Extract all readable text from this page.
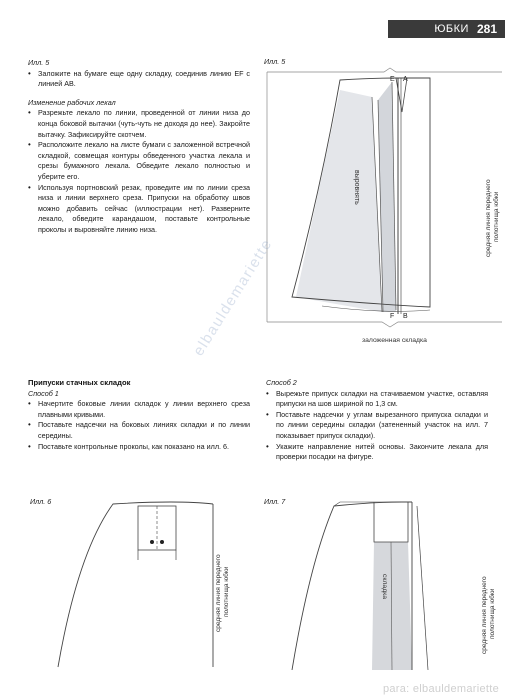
ЮБКИ 281
Илл. 5
• Заложите на бумаге еще одну складку, соединив линию EF с линией AB.
Изменение рабочих лекал
• Разрежьте лекало по линии, проведенной от линии низа до конца боковой вытачки (чуть-чуть не доходя до нее). Закройте вытачку. Зафиксируйте скотчем.
• Расположите лекало на листе бумаги с заложенной встречной складкой, совмещая контуры обведенного участка лекала и срезы бумажного лекала. Обведите лекало полностью и уберите его.
• Используя портновский резак, проведите им по линии среза низа и линии верхнего среза. Припуски на обработку швов можно добавить сейчас (иллюстрации нет). Разверните лекало, обведите карандашом, поставьте контрольные проколы и выровняйте линию низа.
Илл. 5
E A
F B
выровнять	средняя линия переднего полотнища юбки
заложенная складка
elbauldemariette
Припуски стачных складок
Способ 1
• Начертите боковые линии складок у линии верхнего среза плавными кривыми.
• Поставьте надсечки на боковых линиях складки и по линии середины.
• Поставьте контрольные проколы, как показано на илл. 6.
Способ 2
• Вырежьте припуск складки на стачиваемом участке, оставляя припуски на шов шириной по 1,3 см.
• Поставьте надсечки у углам вырезанного припуска складки и по линии середины складки (затененный участок на илл. 7 показывает припуск складки).
• Укажите направление нитей основы. Закончите лекала для проверки посадки на фигуре.
Илл. 6
средняя линия переднего полотнища юбки
Илл. 7
складка	средняя линия переднего полотнища юбки
para: elbauldemariette
